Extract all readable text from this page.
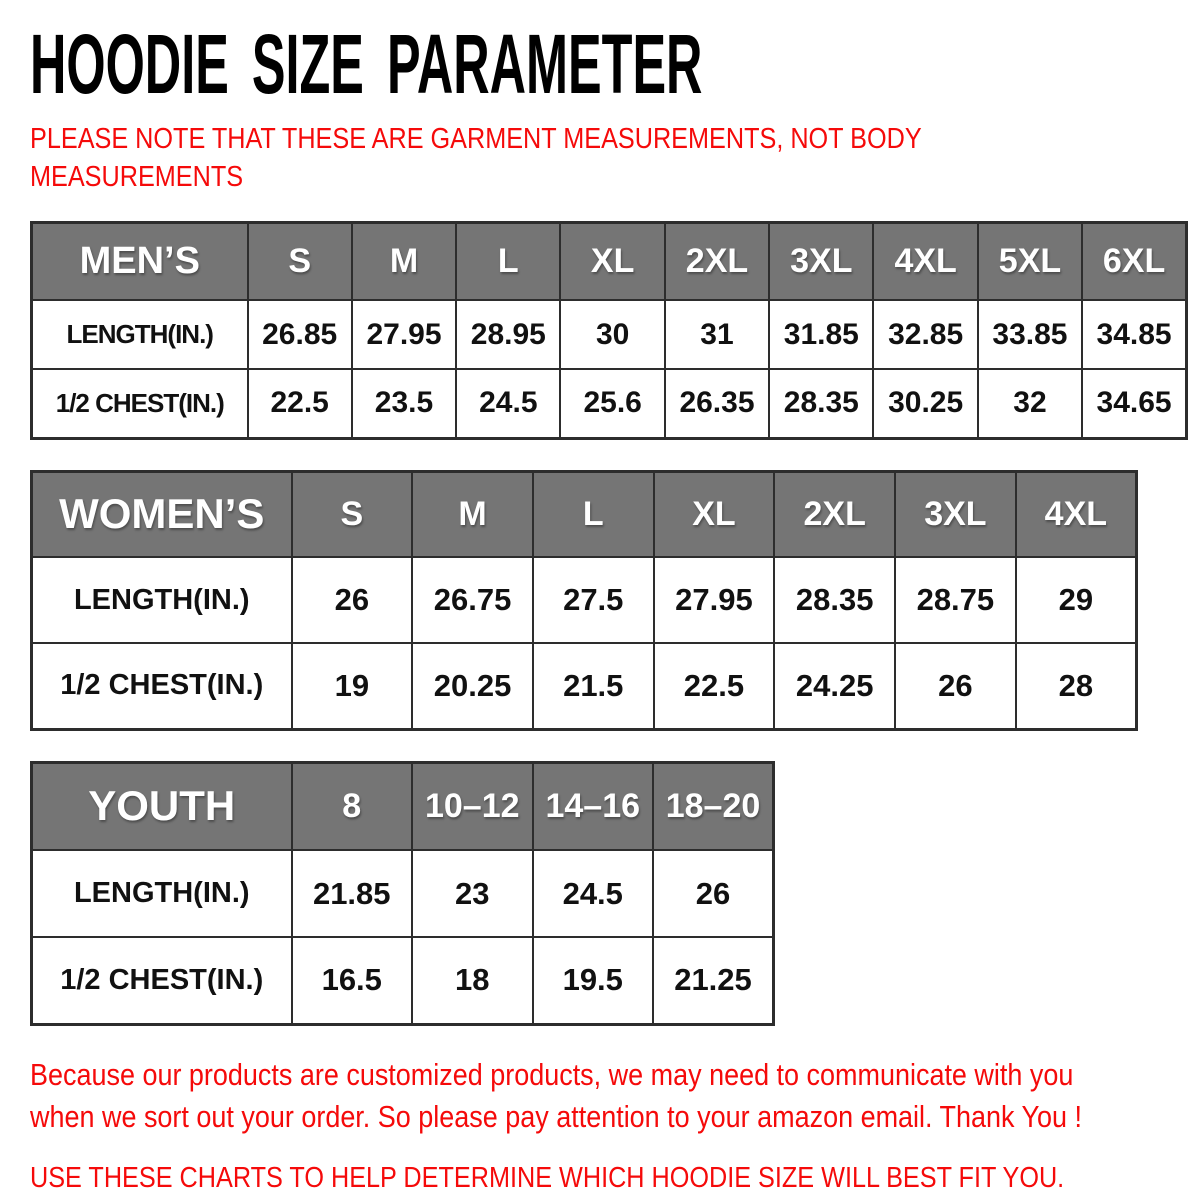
HOODIE SIZE PARAMETER
PLEASE NOTE THAT THESE ARE GARMENT MEASUREMENTS, NOT BODY
MEASUREMENTS
MEN’S	S	M	L	XL	2XL	3XL	4XL	5XL	6XL
LENGTH(IN.)	26.85	27.95	28.95	30	31	31.85	32.85	33.85	34.85
1/2 CHEST(IN.)	22.5	23.5	24.5	25.6	26.35	28.35	30.25	32	34.65
WOMEN’S	S	M	L	XL	2XL	3XL	4XL
LENGTH(IN.)	26	26.75	27.5	27.95	28.35	28.75	29
1/2 CHEST(IN.)	19	20.25	21.5	22.5	24.25	26	28
YOUTH	8	10–12	14–16	18–20
LENGTH(IN.)	21.85	23	24.5	26
1/2 CHEST(IN.)	16.5	18	19.5	21.25
Because our products are customized products, we may need to communicate with you
when we sort out your order. So please pay attention to your amazon email. Thank You !
USE THESE CHARTS TO HELP DETERMINE WHICH HOODIE SIZE WILL BEST FIT YOU.
